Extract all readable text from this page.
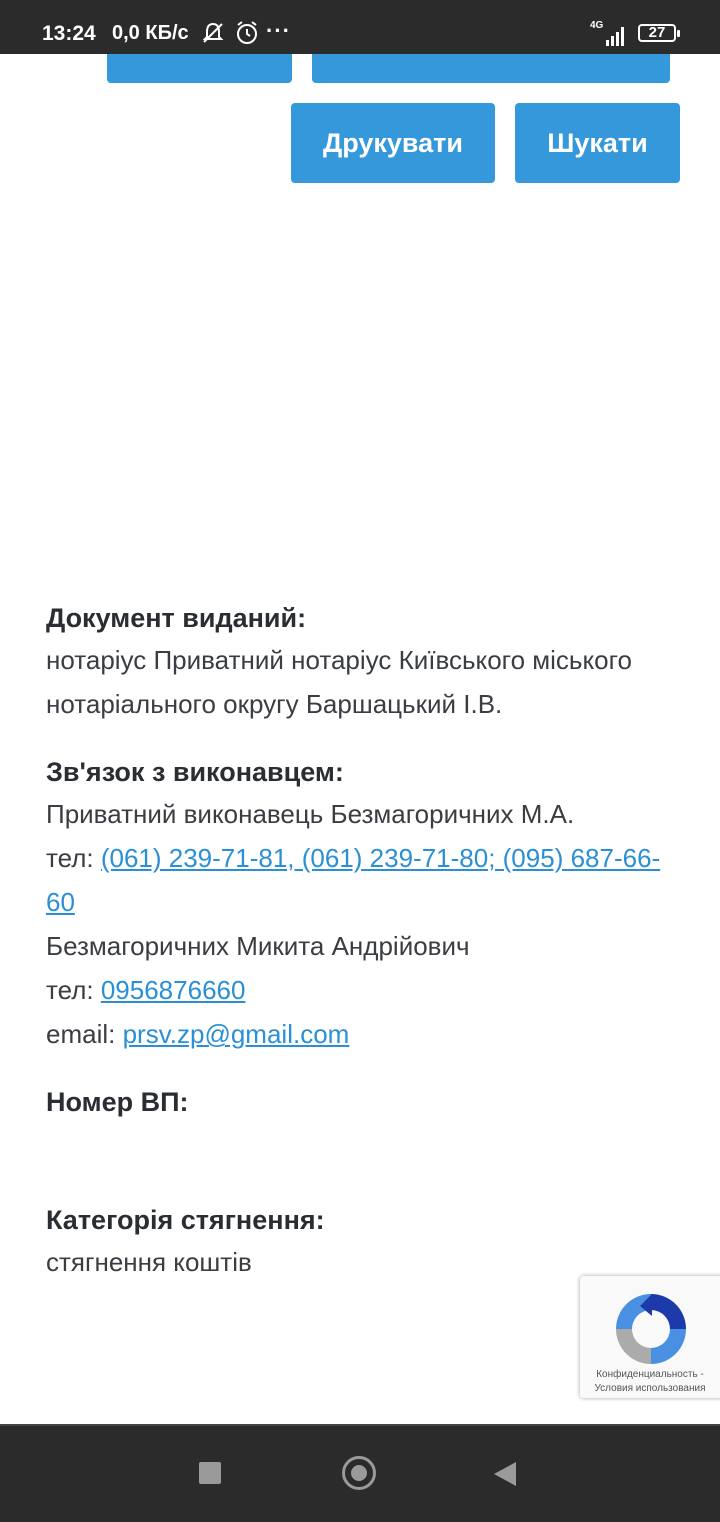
13:24 0,0 КБ/с	···	4G	27
Друкувати	Шукати
Документ виданий:
нотаріус Приватний нотаріус Київського міського нотаріального округу Баршацький І.В.
Зв'язок з виконавцем:
Приватний виконавець Безмагоричних М.А.
тел: (061) 239-71-81, (061) 239-71-80; (095) 687-66-60
Безмагоричних Микита Андрійович
тел: 0956876660
email: prsv.zp@gmail.com
Номер ВП:
Категорія стягнення:
стягнення коштів
Конфиденциальность -
Условия использования
